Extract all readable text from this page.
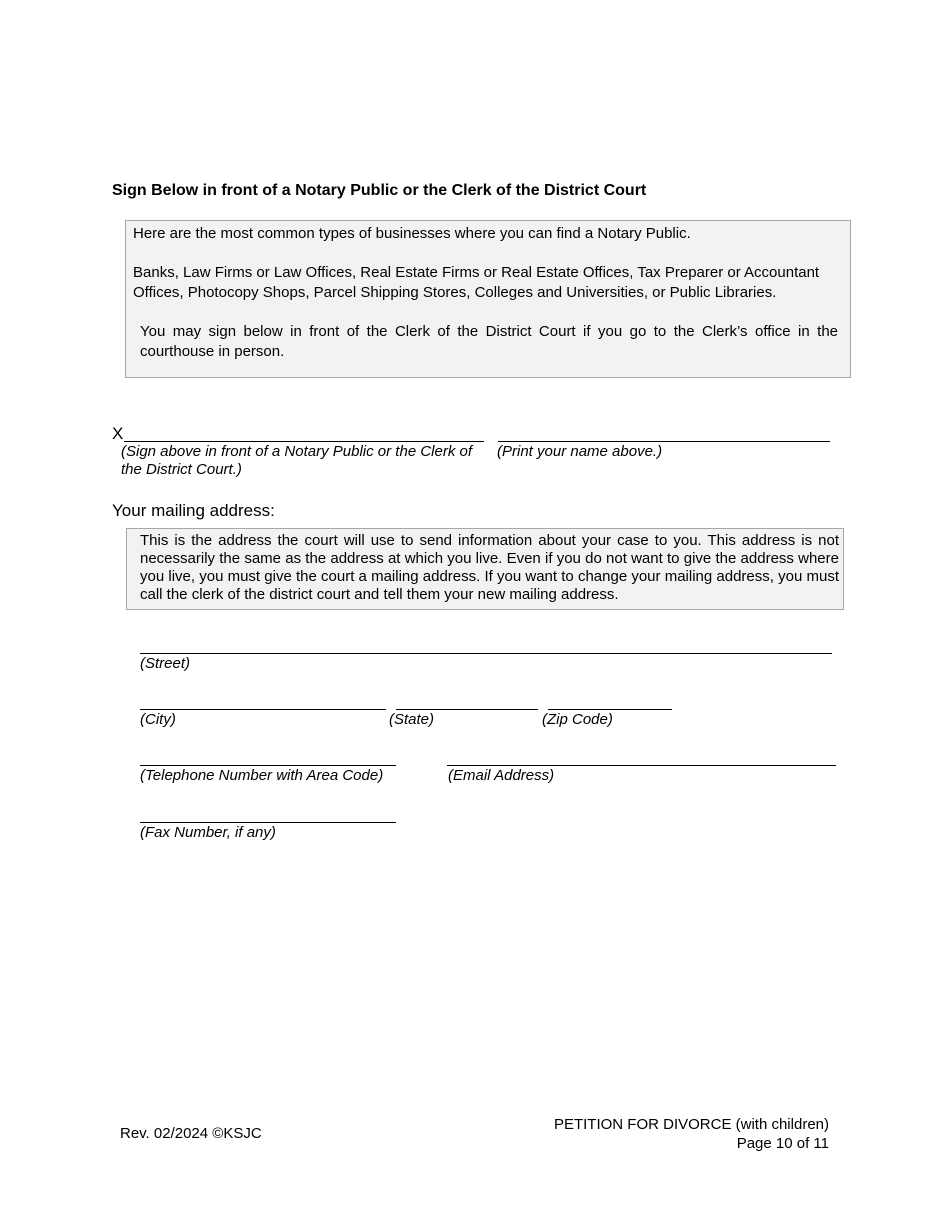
Sign Below in front of a Notary Public or the Clerk of the District Court

Here are the most common types of businesses where you can find a Notary Public.

Banks, Law Firms or Law Offices, Real Estate Firms or Real Estate Offices, Tax Preparer or Accountant Offices, Photocopy Shops, Parcel Shipping Stores, Colleges and Universities, or Public Libraries.

You may sign below in front of the Clerk of the District Court if you go to the Clerk’s office in the courthouse in person.

X
(Sign above in front of a Notary Public or the Clerk of the District Court.)
(Print your name above.)
Your mailing address:

This is the address the court will use to send information about your case to you. This address is not necessarily the same as the address at which you live. Even if you do not want to give the address where you live, you must give the court a mailing address. If you want to change your mailing address, you must call the clerk of the district court and tell them your new mailing address.

(Street)
(City)	(State)	(Zip Code)
(Telephone Number with Area Code)	(Email Address)
(Fax Number, if any)
Rev. 02/2024 ©KSJC
PETITION FOR DIVORCE (with children)
Page 10 of 11
